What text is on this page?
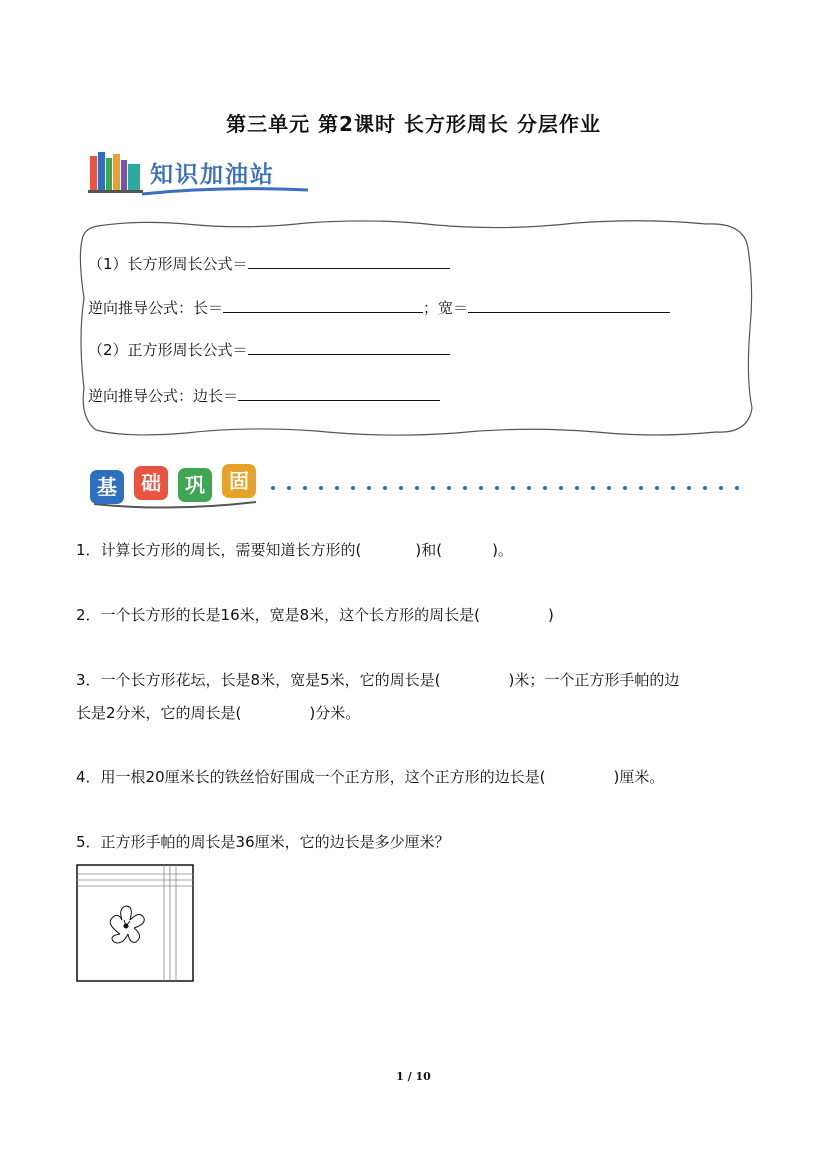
第三单元 第2课时 长方形周长 分层作业
知识加油站
（1）长方形周长公式＝
逆向推导公式：长＝	；宽＝
（2）正方形周长公式＝
逆向推导公式：边长＝
基	础	巩	固
1．计算长方形的周长，需要知道长方形的(	)和(	)。
2．一个长方形的长是16米，宽是8米，这个长方形的周长是(	)
3．一个长方形花坛，长是8米，宽是5米，它的周长是(	)米；一个正方形手帕的边
长是2分米，它的周长是(	)分米。
4．用一根20厘米长的铁丝恰好围成一个正方形，这个正方形的边长是(	)厘米。
5．正方形手帕的周长是36厘米，它的边长是多少厘米？
1 / 10
